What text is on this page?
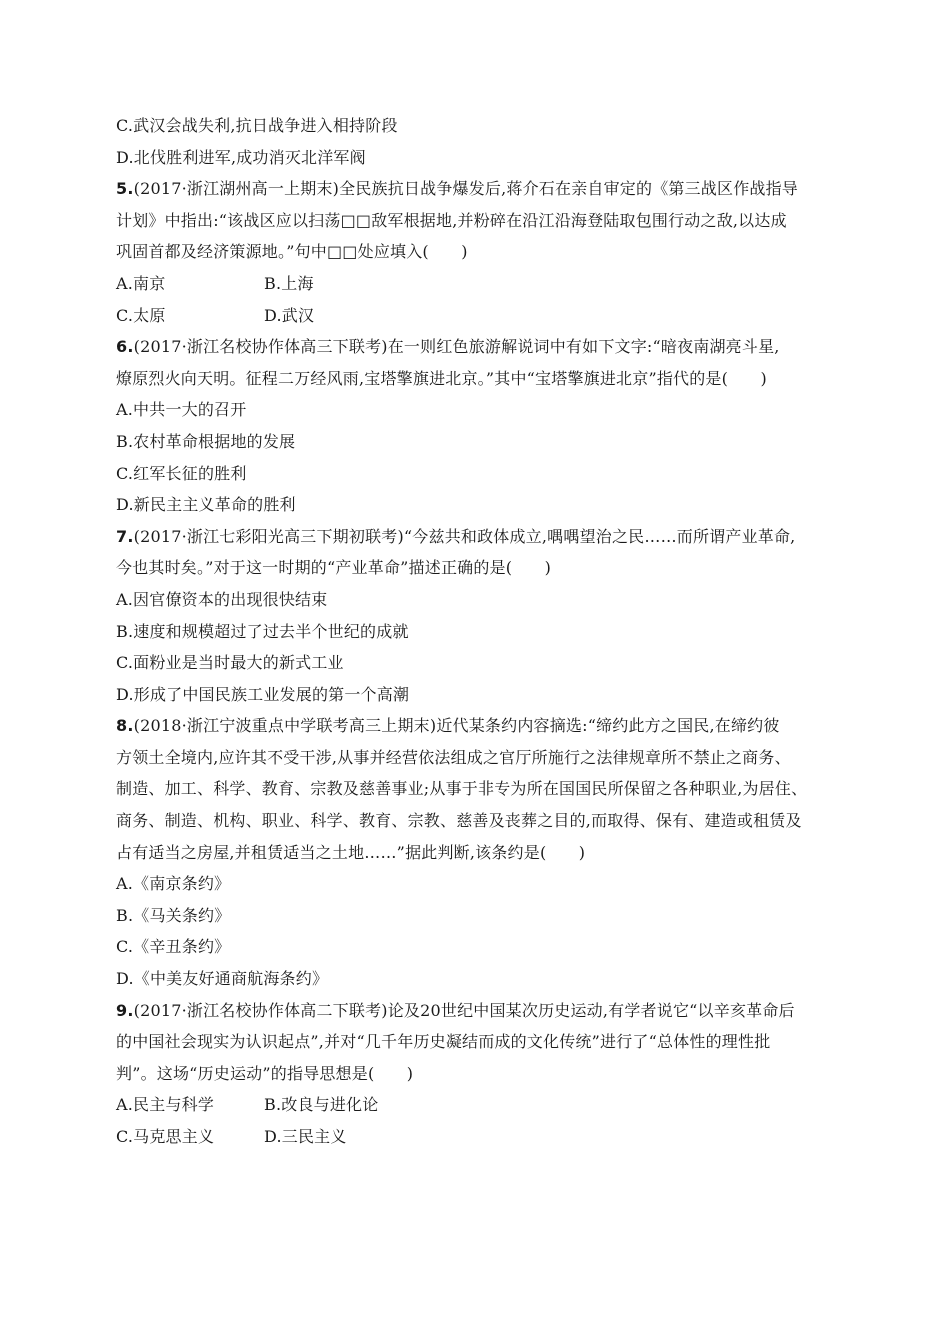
C.武汉会战失利,抗日战争进入相持阶段
D.北伐胜利进军,成功消灭北洋军阀
5.(2017·浙江湖州高一上期末)全民族抗日战争爆发后,蒋介石在亲自审定的《第三战区作战指导
计划》中指出:“该战区应以扫荡□□敌军根据地,并粉碎在沿江沿海登陆取包围行动之敌,以达成
巩固首都及经济策源地。”句中□□处应填入(　　)
A.南京	B.上海
C.太原	D.武汉
6.(2017·浙江名校协作体高三下联考)在一则红色旅游解说词中有如下文字:“暗夜南湖亮斗星,
燎原烈火向天明。征程二万经风雨,宝塔擎旗进北京。”其中“宝塔擎旗进北京”指代的是(　　)
A.中共一大的召开
B.农村革命根据地的发展
C.红军长征的胜利
D.新民主主义革命的胜利
7.(2017·浙江七彩阳光高三下期初联考)“今兹共和政体成立,喁喁望治之民……而所谓产业革命,
今也其时矣。”对于这一时期的“产业革命”描述正确的是(　　)
A.因官僚资本的出现很快结束
B.速度和规模超过了过去半个世纪的成就
C.面粉业是当时最大的新式工业
D.形成了中国民族工业发展的第一个高潮
8.(2018·浙江宁波重点中学联考高三上期末)近代某条约内容摘选:“缔约此方之国民,在缔约彼
方领土全境内,应许其不受干涉,从事并经营依法组成之官厅所施行之法律规章所不禁止之商务、
制造、加工、科学、教育、宗教及慈善事业;从事于非专为所在国国民所保留之各种职业,为居住、
商务、制造、机构、职业、科学、教育、宗教、慈善及丧葬之目的,而取得、保有、建造或租赁及
占有适当之房屋,并租赁适当之土地……”据此判断,该条约是(　　)
A.《南京条约》
B.《马关条约》
C.《辛丑条约》
D.《中美友好通商航海条约》
9.(2017·浙江名校协作体高二下联考)论及20世纪中国某次历史运动,有学者说它“以辛亥革命后
的中国社会现实为认识起点”,并对“几千年历史凝结而成的文化传统”进行了“总体性的理性批
判”。这场“历史运动”的指导思想是(　　)
A.民主与科学	B.改良与进化论
C.马克思主义	D.三民主义
